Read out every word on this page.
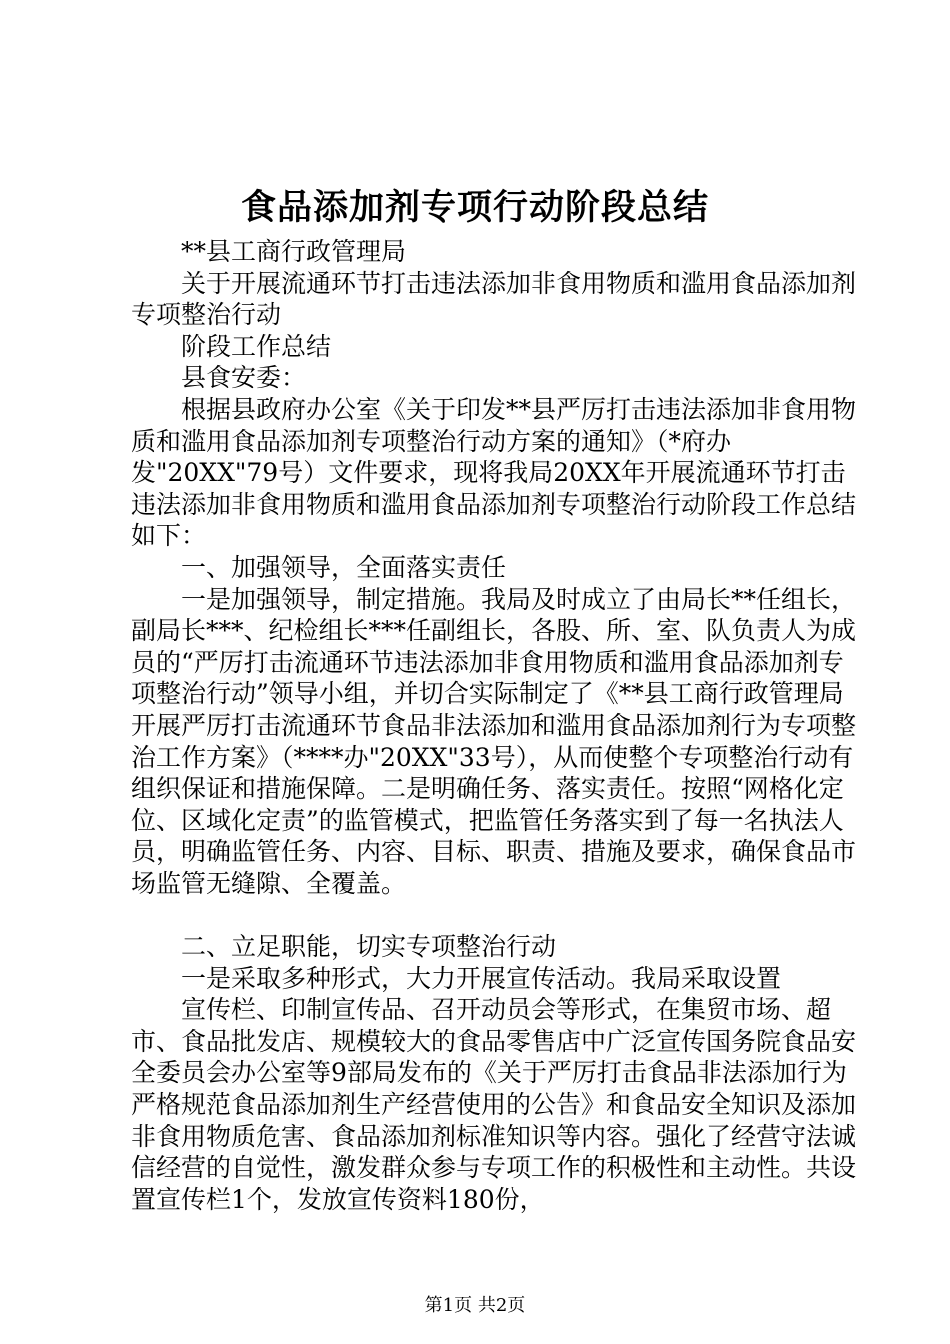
食品添加剂专项行动阶段总结

**县工商行政管理局

关于开展流通环节打击违法添加非食用物质和滥用食品添加剂专项整治行动

阶段工作总结

县食安委：

根据县政府办公室《关于印发**县严厉打击违法添加非食用物质和滥用食品添加剂专项整治行动方案的通知》（*府办发"20XX"79号）文件要求，现将我局20XX年开展流通环节打击违法添加非食用物质和滥用食品添加剂专项整治行动阶段工作总结如下：

一、加强领导，全面落实责任

一是加强领导，制定措施。我局及时成立了由局长**任组长，副局长***、纪检组长***任副组长，各股、所、室、队负责人为成员的“严厉打击流通环节违法添加非食用物质和滥用食品添加剂专项整治行动”领导小组，并切合实际制定了《**县工商行政管理局开展严厉打击流通环节食品非法添加和滥用食品添加剂行为专项整治工作方案》（****办"20XX"33号），从而使整个专项整治行动有组织保证和措施保障。二是明确任务、落实责任。按照“网格化定位、区域化定责”的监管模式，把监管任务落实到了每一名执法人员，明确监管任务、内容、目标、职责、措施及要求，确保食品市场监管无缝隙、全覆盖。

二、立足职能，切实专项整治行动

一是采取多种形式，大力开展宣传活动。我局采取设置

宣传栏、印制宣传品、召开动员会等形式，在集贸市场、超市、食品批发店、规模较大的食品零售店中广泛宣传国务院食品安全委员会办公室等9部局发布的《关于严厉打击食品非法添加行为严格规范食品添加剂生产经营使用的公告》和食品安全知识及添加非食用物质危害、食品添加剂标准知识等内容。强化了经营守法诚信经营的自觉性，激发群众参与专项工作的积极性和主动性。共设置宣传栏1个，发放宣传资料180份，

第1页 共2页
